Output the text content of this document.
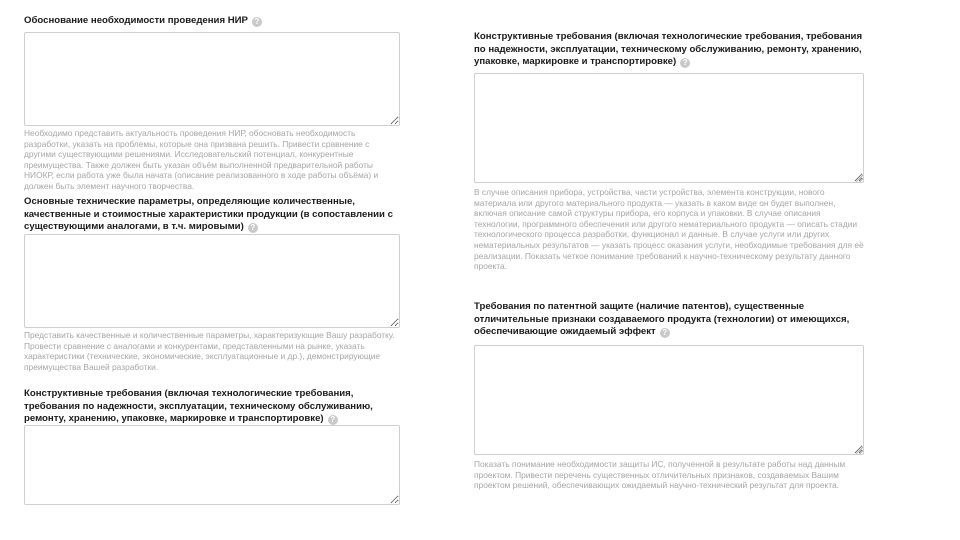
Обоснование необходимости проведения НИР ?
Необходимо представить актуальность проведения НИР, обосновать необходимость разработки, указать на проблемы, которые она призвана решить. Привести сравнение с другими существующими решениями. Исследовательский потенциал, конкурентные преимущества. Также должен быть указан объём выполненной предварительной работы НИОКР, если работа уже была начата (описание реализованного в ходе работы объёма) и должен быть элемент научного творчества.
Основные технические параметры, определяющие количественные, качественные и стоимостные характеристики продукции (в сопоставлении с существующими аналогами, в т.ч. мировыми) ?
Представить качественные и количественные параметры, характеризующие Вашу разработку. Провести сравнение с аналогами и конкурентами, представленными на рынке, указать характеристики (технические, экономические, эксплуатационные и др.), демонстрирующие преимущества Вашей разработки.
Конструктивные требования (включая технологические требования, требования по надежности, эксплуатации, техническому обслуживанию, ремонту, хранению, упаковке, маркировке и транспортировке) ?
Конструктивные требования (включая технологические требования, требования по надежности, эксплуатации, техническому обслуживанию, ремонту, хранению, упаковке, маркировке и транспортировке) ?
В случае описания прибора, устройства, части устройства, элемента конструкции, нового материала или другого материального продукта — указать в каком виде он будет выполнен, включая описание самой структуры прибора, его корпуса и упаковки. В случае описания технологии, программного обеспечения или другого нематериального продукта — описать стадии технологического процесса разработки, функционал и данные. В случае услуги или других нематериальных результатов — указать процесс оказания услуги, необходимые требования для её реализации. Показать четкое понимание требований к научно-техническому результату данного проекта.
Требования по патентной защите (наличие патентов), существенные отличительные признаки создаваемого продукта (технологии) от имеющихся, обеспечивающие ожидаемый эффект ?
Показать понимание необходимости защиты ИС, полученной в результате работы над данным проектом. Привести перечень существенных отличительных признаков, создаваемых Вашим проектом решений, обеспечивающих ожидаемый научно-технический результат для проекта.
